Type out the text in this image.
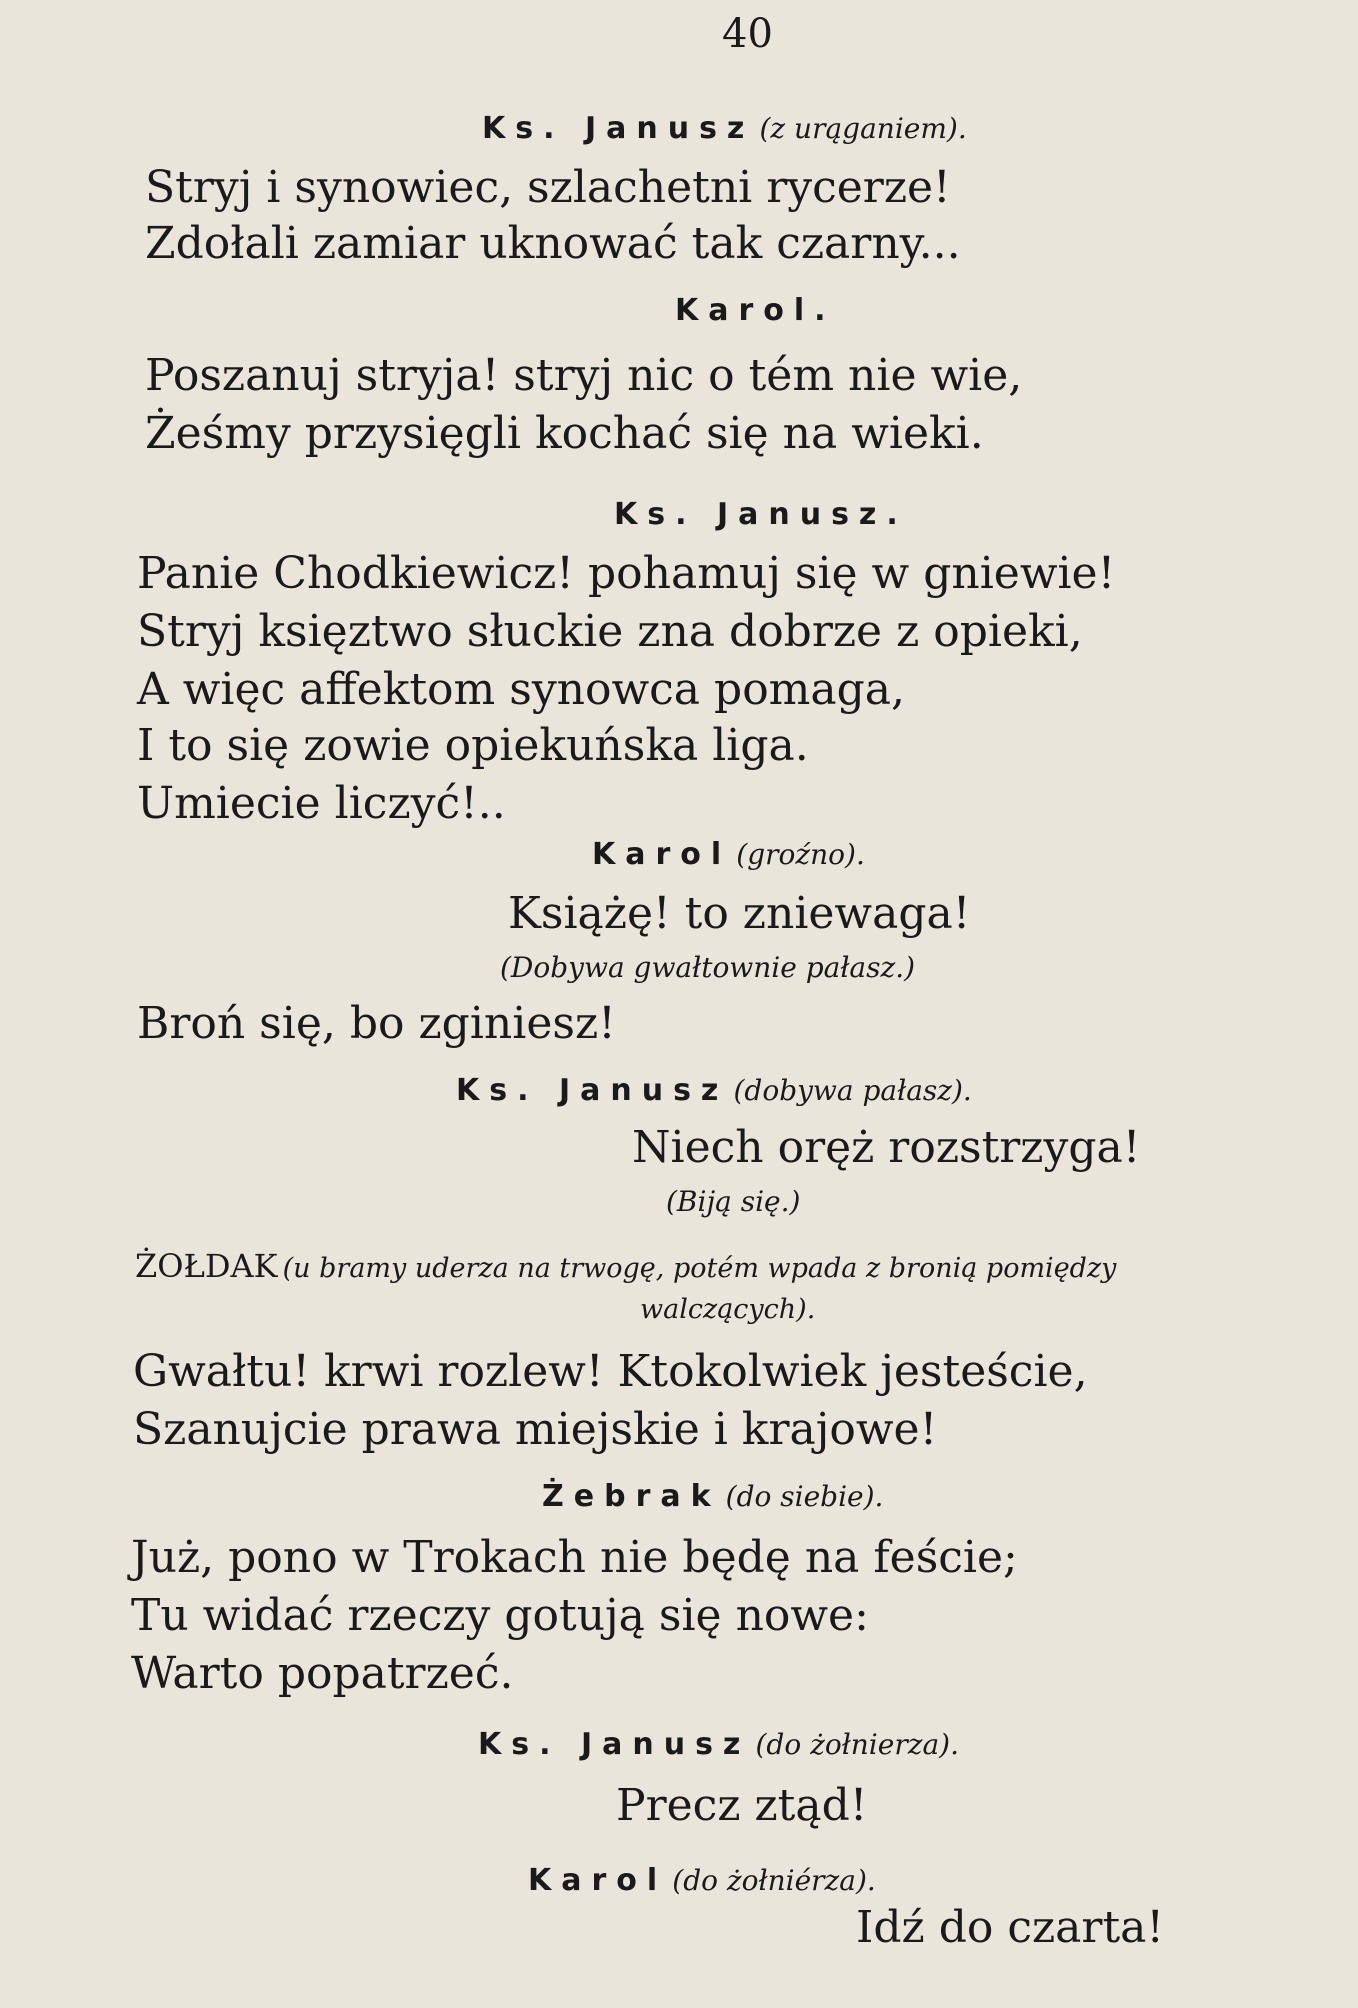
40
Ks. Janusz (z urąganiem).
Stryj i synowiec, szlachetni rycerze!
Zdołali zamiar uknować tak czarny...
Karol.
Poszanuj stryja! stryj nic o tém nie wie,
Żeśmy przysięgli kochać się na wieki.
Ks. Janusz.
Panie Chodkiewicz! pohamuj się w gniewie!
Stryj księztwo słuckie zna dobrze z opieki,
A więc affektom synowca pomaga,
I to się zowie opiekuńska liga.
Umiecie liczyć!..
Karol (groźno).
Książę! to zniewaga!
(Dobywa gwałtownie pałasz.)
Broń się, bo zginiesz!
Ks. Janusz (dobywa pałasz).
Niech oręż rozstrzyga!
(Biją się.)
ŻOŁDAK (u bramy uderza na trwogę, potém wpada z bronią pomiędzy
walczących).
Gwałtu! krwi rozlew! Ktokolwiek jesteście,
Szanujcie prawa miejskie i krajowe!
Żebrak (do siebie).
Już, pono w Trokach nie będę na feście;
Tu widać rzeczy gotują się nowe:
Warto popatrzeć.
Ks. Janusz (do żołnierza).
Precz ztąd!
Karol (do żołniérza).
Idź do czarta!
